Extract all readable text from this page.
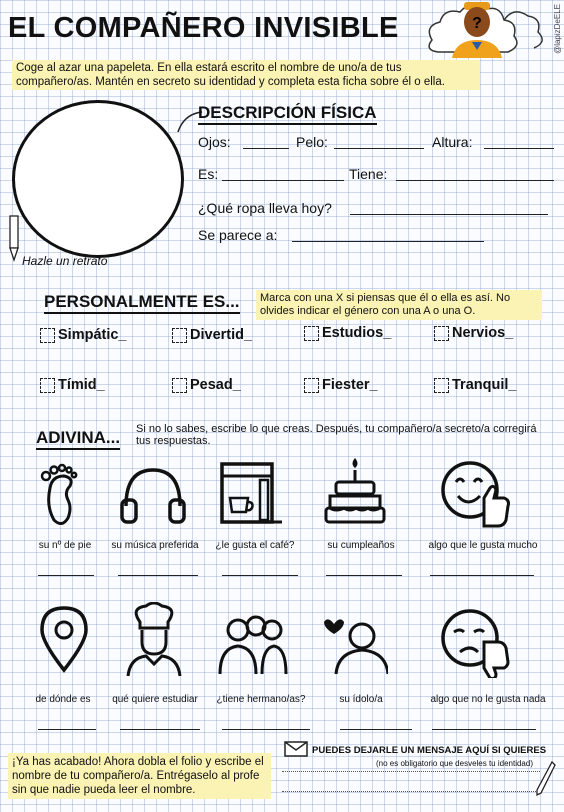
EL COMPAÑERO INVISIBLE	?	@lapizDeELE
Coge al azar una papeleta. En ella estará escrito el nombre de uno/a de tus compañero/as. Mantén en secreto su identidad y completa esta ficha sobre él o ella.
Hazle un retrato
DESCRIPCIÓN FÍSICA
Ojos:	Pelo:	Altura:
Es:	Tiene:
¿Qué ropa lleva hoy?
Se parece a:
PERSONALMENTE ES...	Marca con una X si piensas que él o ella es así. No olvides indicar el género con una A o una O.
Simpátic_	Divertid_	Estudios_	Nervios_
Tímid_	Pesad_	Fiester_	Tranquil_
ADIVINA... Si no lo sabes, escribe lo que creas. Después, tu compañero/a secreto/a corregirá tus respuestas.
su nº de pie	su música preferida	¿le gusta el café?	su cumpleaños	algo que le gusta mucho
de dónde es	qué quiere estudiar	¿tiene hermano/as?	su ídolo/a	algo que no le gusta nada
¡Ya has acabado! Ahora dobla el folio y escribe el nombre de tu compañero/a. Entrégaselo al profe sin que nadie pueda leer el nombre.
PUEDES DEJARLE UN MENSAJE AQUÍ SI QUIERES
(no es obligatorio que desveles tu identidad)
